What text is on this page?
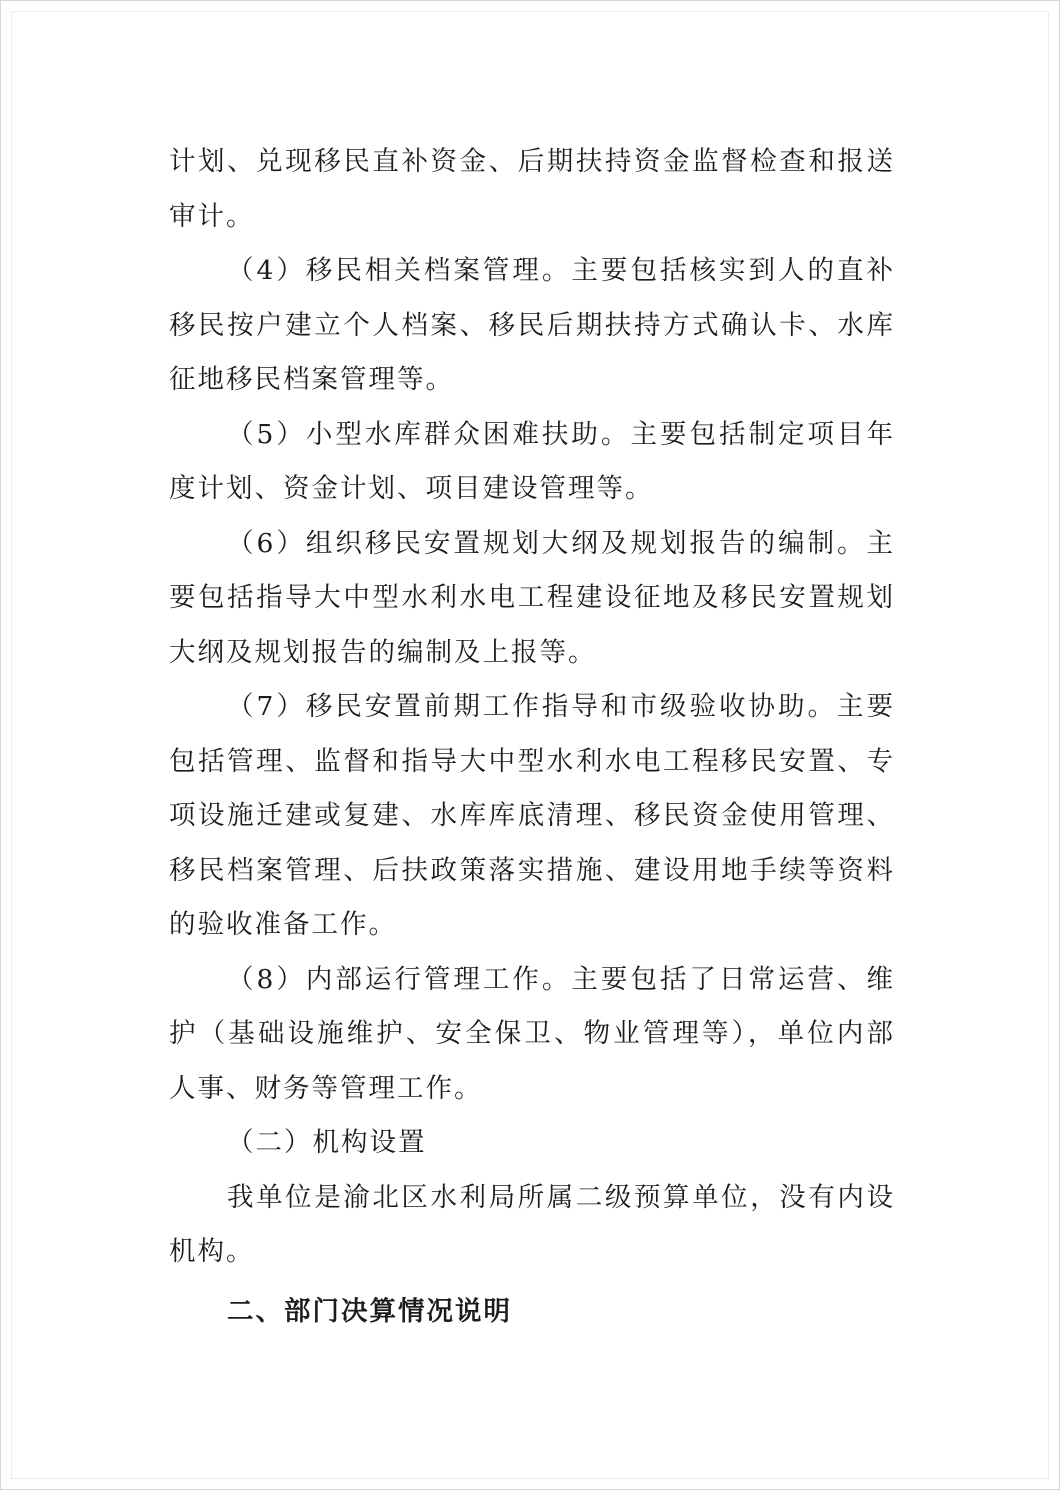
计划、兑现移民直补资金、后期扶持资金监督检查和报送审计。

（4）移民相关档案管理。主要包括核实到人的直补移民按户建立个人档案、移民后期扶持方式确认卡、水库征地移民档案管理等。

（5）小型水库群众困难扶助。主要包括制定项目年度计划、资金计划、项目建设管理等。

（6）组织移民安置规划大纲及规划报告的编制。主要包括指导大中型水利水电工程建设征地及移民安置规划大纲及规划报告的编制及上报等。

（7）移民安置前期工作指导和市级验收协助。主要包括管理、监督和指导大中型水利水电工程移民安置、专项设施迁建或复建、水库库底清理、移民资金使用管理、移民档案管理、后扶政策落实措施、建设用地手续等资料的验收准备工作。

（8）内部运行管理工作。主要包括了日常运营、维护（基础设施维护、安全保卫、物业管理等），单位内部人事、财务等管理工作。

（二）机构设置

我单位是渝北区水利局所属二级预算单位，没有内设机构。

二、部门决算情况说明
